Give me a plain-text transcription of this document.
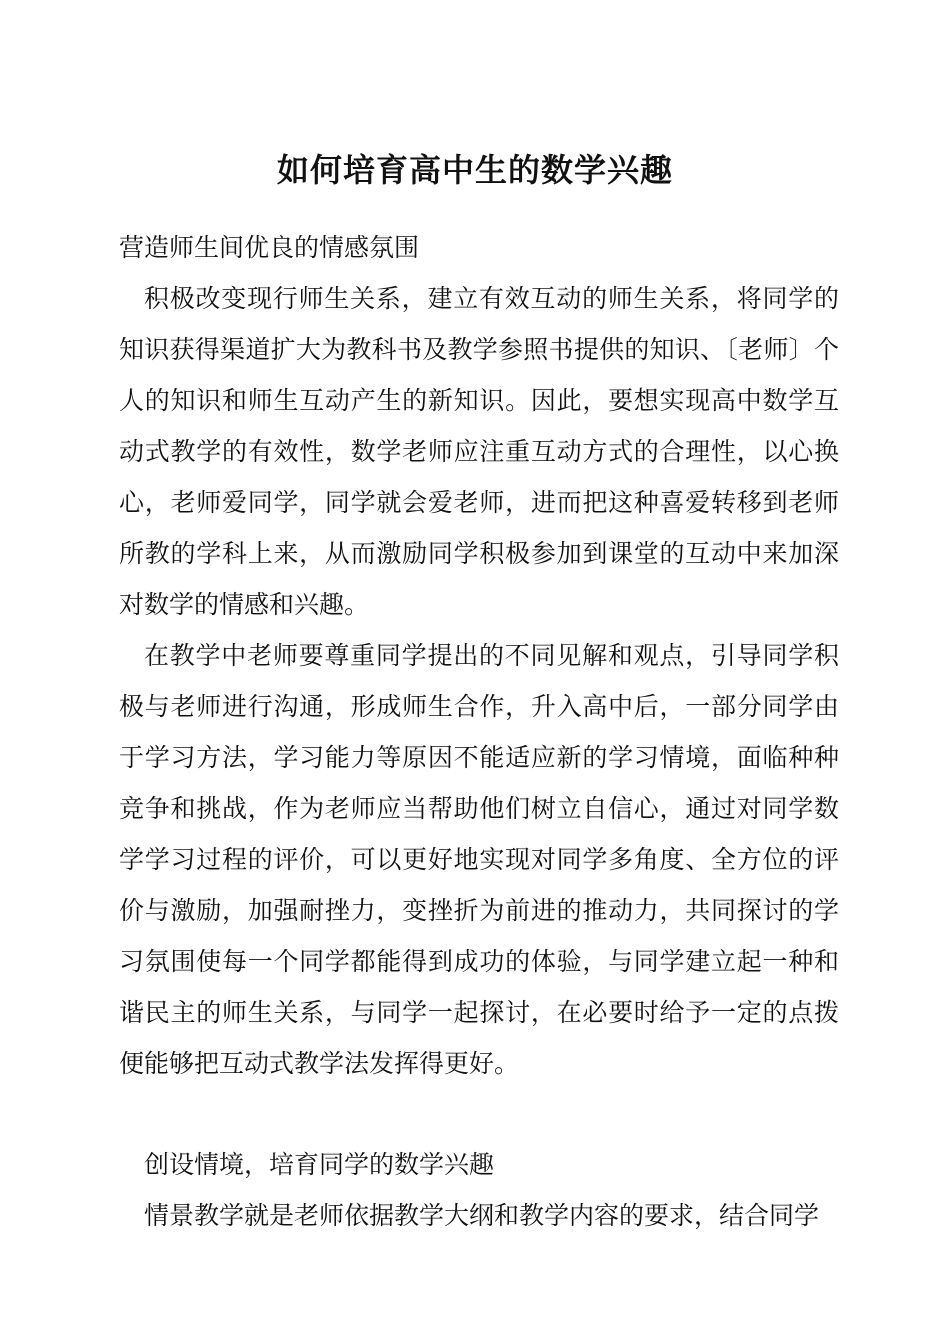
如何培育高中生的数学兴趣

营造师生间优良的情感氛围

积极改变现行师生关系，建立有效互动的师生关系，将同学的知识获得渠道扩大为教科书及教学参照书提供的知识、〔老师〕个人的知识和师生互动产生的新知识。因此，要想实现高中数学互动式教学的有效性，数学老师应注重互动方式的合理性，以心换心，老师爱同学，同学就会爱老师，进而把这种喜爱转移到老师所教的学科上来，从而激励同学积极参加到课堂的互动中来加深对数学的情感和兴趣。

在教学中老师要尊重同学提出的不同见解和观点，引导同学积极与老师进行沟通，形成师生合作，升入高中后，一部分同学由于学习方法，学习能力等原因不能适应新的学习情境，面临种种竞争和挑战，作为老师应当帮助他们树立自信心，通过对同学数学学习过程的评价，可以更好地实现对同学多角度、全方位的评价与激励，加强耐挫力，变挫折为前进的推动力，共同探讨的学习氛围使每一个同学都能得到成功的体验，与同学建立起一种和谐民主的师生关系，与同学一起探讨，在必要时给予一定的点拨便能够把互动式教学法发挥得更好。

创设情境，培育同学的数学兴趣

情景教学就是老师依据教学大纲和教学内容的要求，结合同学
